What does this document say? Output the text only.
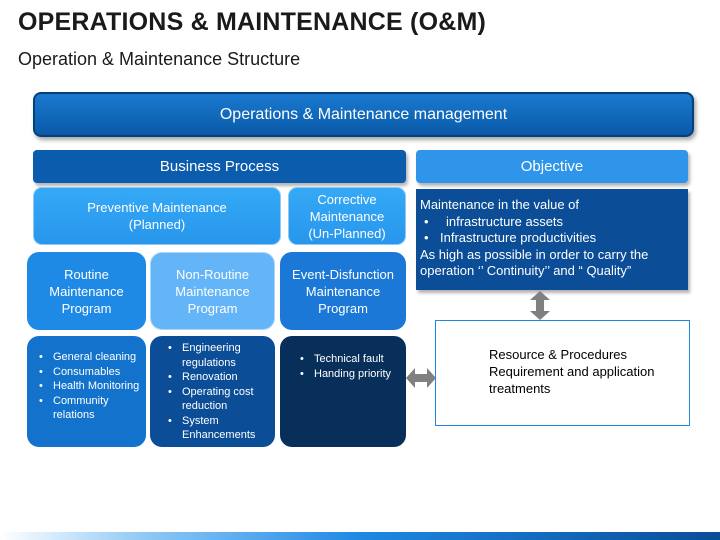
OPERATIONS & MAINTENANCE (O&M)
Operation & Maintenance Structure
Operations & Maintenance management
Business Process	Objective
Preventive Maintenance
(Planned)
Corrective
Maintenance
(Un-Planned)
Routine
Maintenance
Program
Non-Routine
Maintenance
Program
Event-Disfunction
Maintenance
Program
• General cleaning
• Consumables
• Health Monitoring
• Community relations
• Engineering regulations
• Renovation
• Operating cost reduction
• System Enhancements
• Technical fault
• Handing priority
Maintenance in the value of
• infrastructure assets
• Infrastructure productivities
As high as possible in order to carry the operation ‘’ Continuity’’ and “ Quality”
Resource & Procedures
Requirement and application treatments
